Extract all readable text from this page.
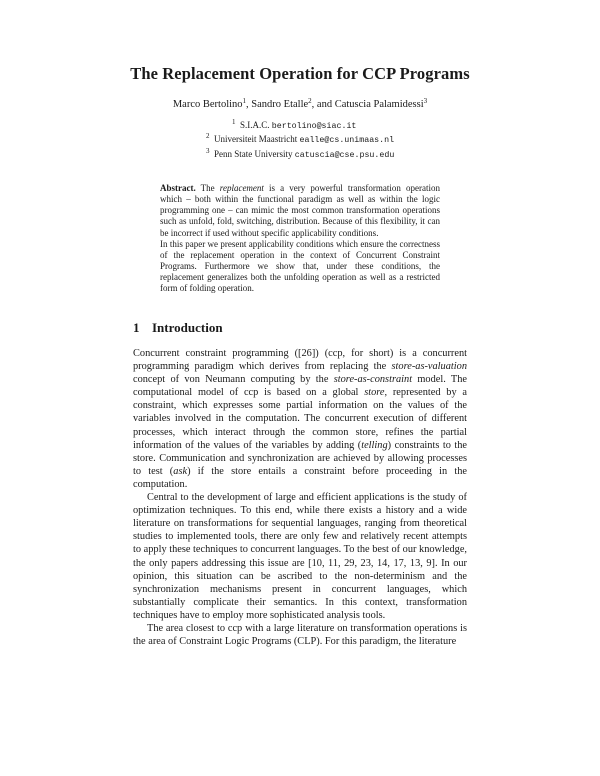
The Replacement Operation for CCP Programs
Marco Bertolino$^1$, Sandro Etalle$^2$, and Catuscia Palamidessi$^3$
$^1$ S.I.A.C. bertolino@siac.it
$^2$ Universiteit Maastricht ealle@cs.unimaas.nl
$^3$ Penn State University catuscia@cse.psu.edu

Abstract. The replacement is a very powerful transformation operation which – both within the functional paradigm as well as within the logic programming one – can mimic the most common transformation operations such as unfold, fold, switching, distribution. Because of this flexibility, it can be incorrect if used without specific applicability conditions.

In this paper we present applicability conditions which ensure the correctness of the replacement operation in the context of Concurrent Constraint Programs. Furthermore we show that, under these conditions, the replacement generalizes both the unfolding operation as well as a restricted form of folding operation.

1 Introduction

Concurrent constraint programming ([26]) (ccp, for short) is a concurrent programming paradigm which derives from replacing the store-as-valuation concept of von Neumann computing by the store-as-constraint model. The computational model of ccp is based on a global store, represented by a constraint, which expresses some partial information on the values of the variables involved in the computation. The concurrent execution of different processes, which interact through the common store, refines the partial information of the values of the variables by adding (telling) constraints to the store. Communication and synchronization are achieved by allowing processes to test (ask) if the store entails a constraint before proceeding in the computation.

Central to the development of large and efficient applications is the study of optimization techniques. To this end, while there exists a history and a wide literature on transformations for sequential languages, ranging from theoretical studies to implemented tools, there are only few and relatively recent attempts to apply these techniques to concurrent languages. To the best of our knowledge, the only papers addressing this issue are [10, 11, 29, 23, 14, 17, 13, 9]. In our opinion, this situation can be ascribed to the non-determinism and the synchronization mechanisms present in concurrent languages, which substantially complicate their semantics. In this context, transformation techniques have to employ more sophisticated analysis tools.

The area closest to ccp with a large literature on transformation operations is the area of Constraint Logic Programs (CLP). For this paradigm, the literature
